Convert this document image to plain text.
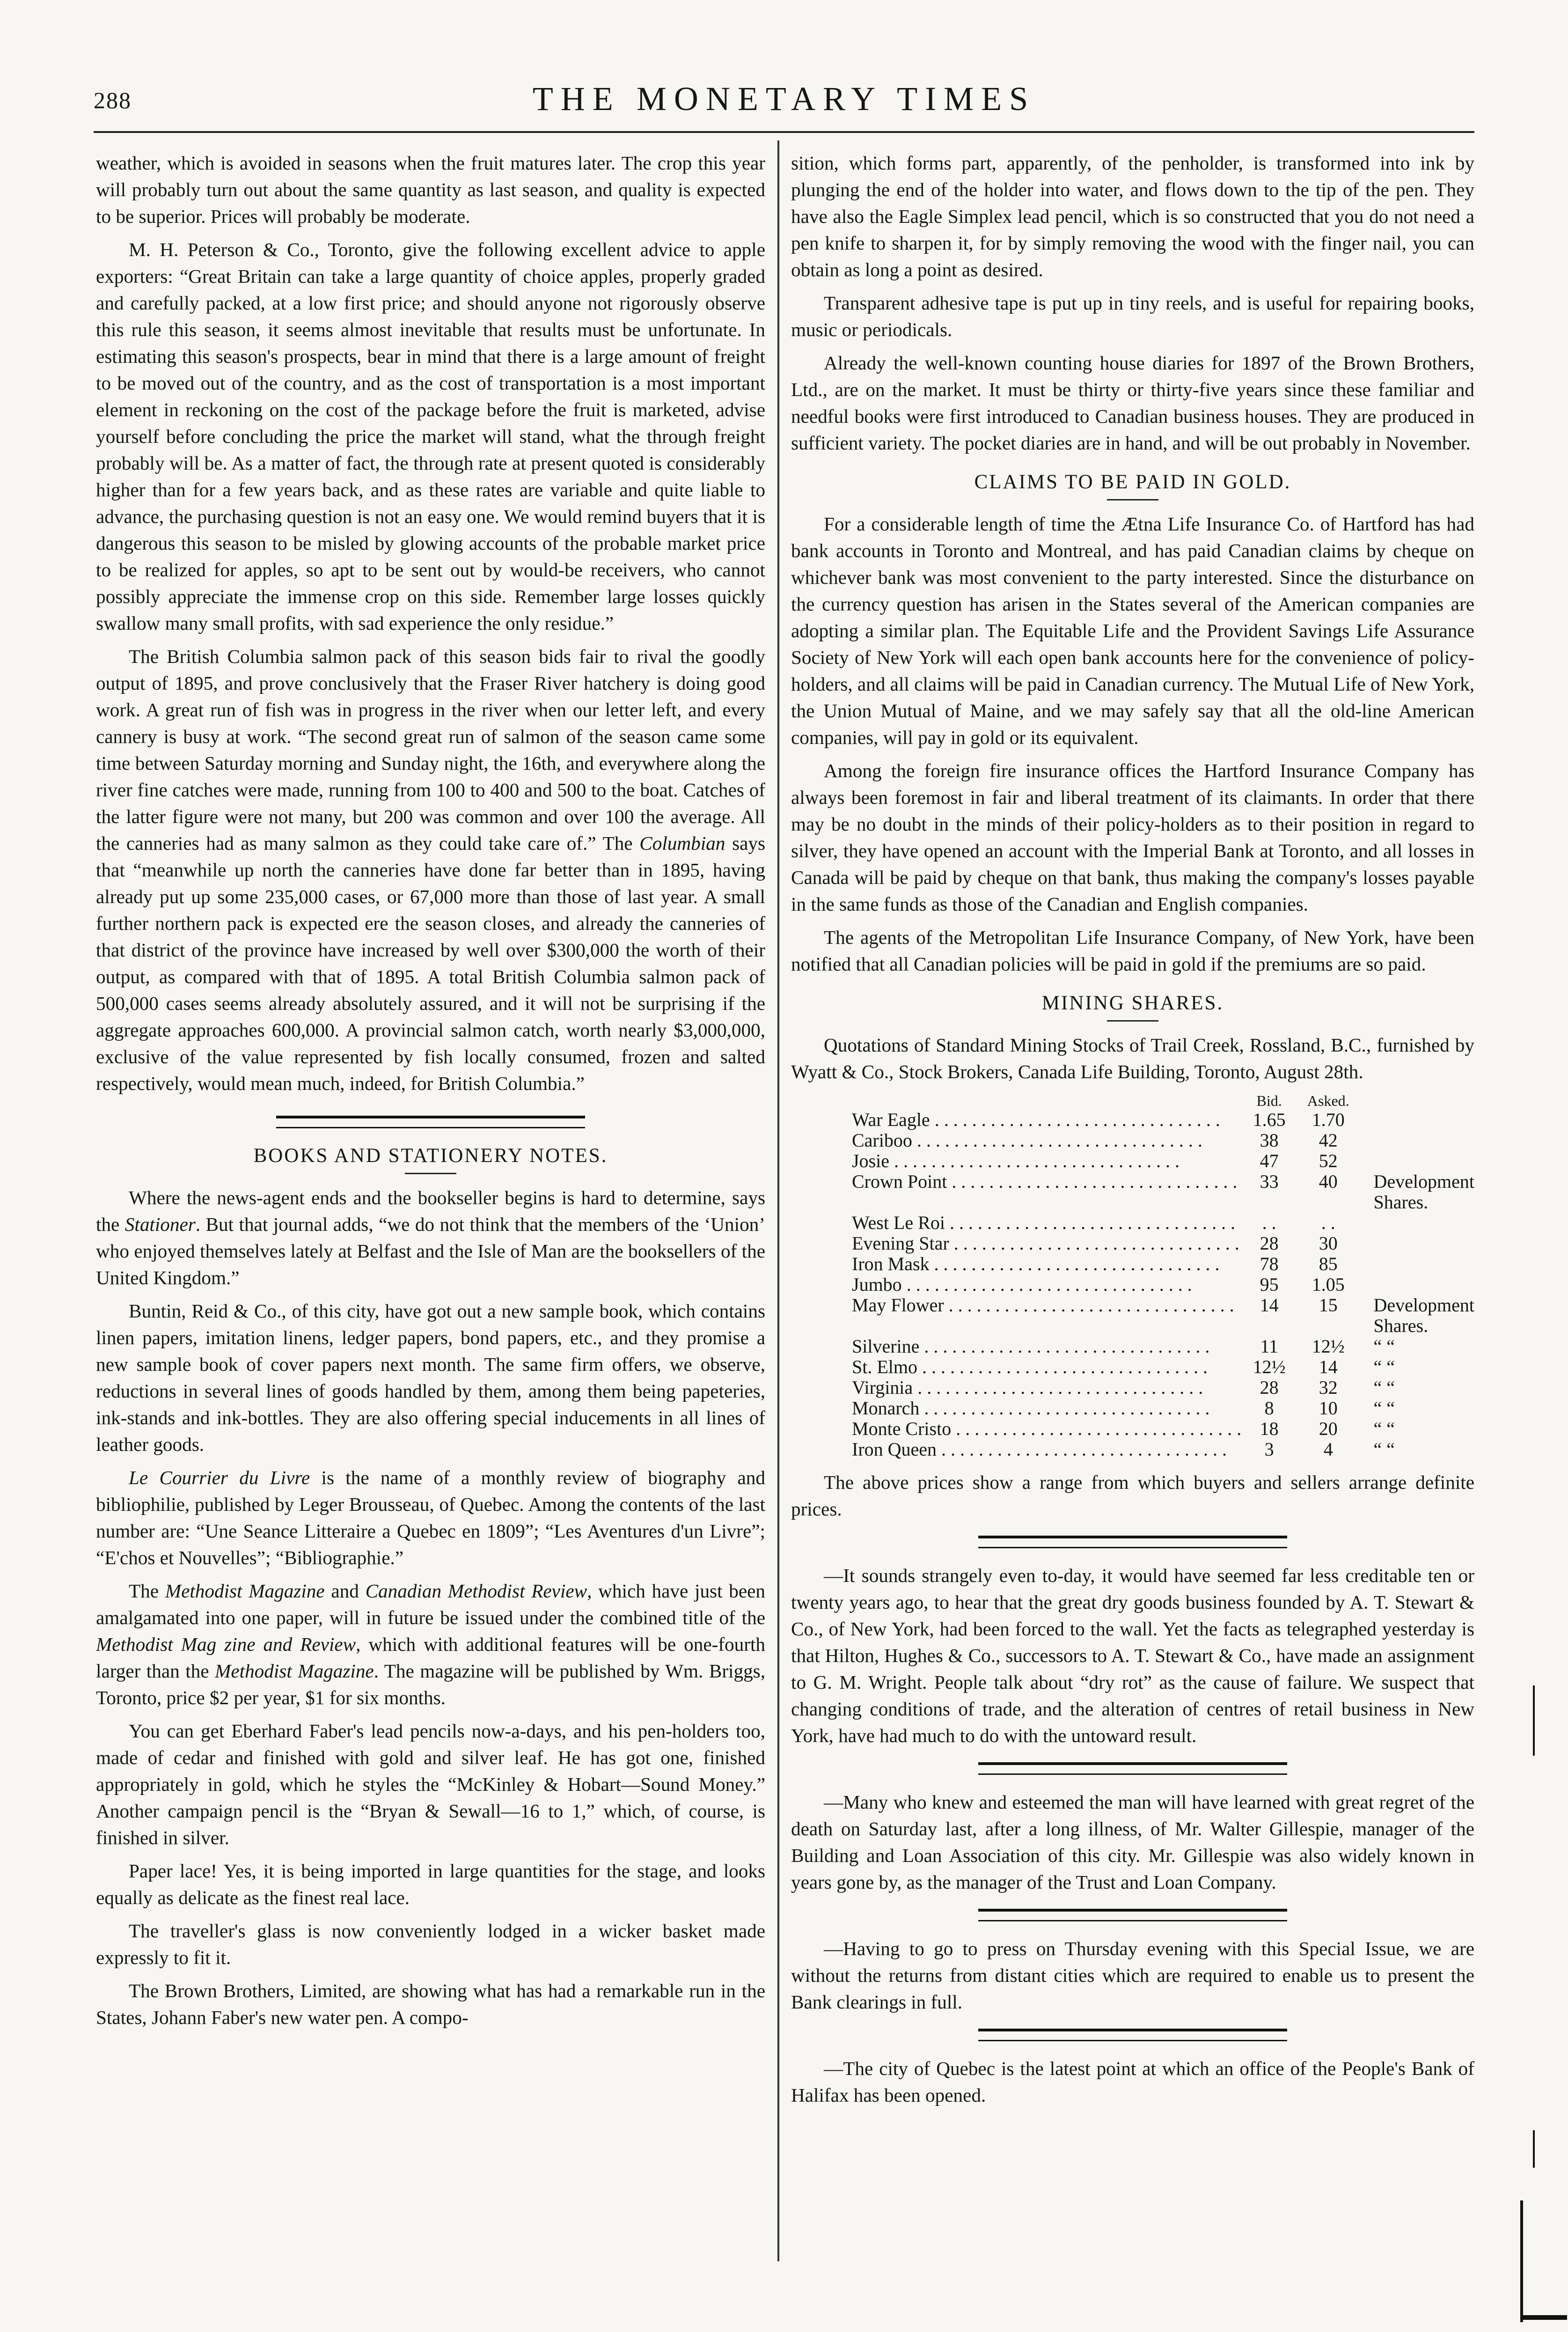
288	THE MONETARY TIMES

weather, which is avoided in seasons when the fruit matures later. The crop this year will probably turn out about the same quantity as last season, and quality is expected to be superior. Prices will probably be moderate.

M. H. Peterson & Co., Toronto, give the following excellent advice to apple exporters: “Great Britain can take a large quantity of choice apples, properly graded and carefully packed, at a low first price; and should anyone not rigorously observe this rule this season, it seems almost inevitable that results must be unfortunate. In estimating this season's prospects, bear in mind that there is a large amount of freight to be moved out of the country, and as the cost of transportation is a most important element in reckoning on the cost of the package before the fruit is marketed, advise yourself before concluding the price the market will stand, what the through freight probably will be. As a matter of fact, the through rate at present quoted is considerably higher than for a few years back, and as these rates are variable and quite liable to advance, the purchasing question is not an easy one. We would remind buyers that it is dangerous this season to be misled by glowing accounts of the probable market price to be realized for apples, so apt to be sent out by would-be receivers, who cannot possibly appreciate the immense crop on this side. Remember large losses quickly swallow many small profits, with sad experience the only residue.”

The British Columbia salmon pack of this season bids fair to rival the goodly output of 1895, and prove conclusively that the Fraser River hatchery is doing good work. A great run of fish was in progress in the river when our letter left, and every cannery is busy at work. “The second great run of salmon of the season came some time between Saturday morning and Sunday night, the 16th, and everywhere along the river fine catches were made, running from 100 to 400 and 500 to the boat. Catches of the latter figure were not many, but 200 was common and over 100 the average. All the canneries had as many salmon as they could take care of.” The Columbian says that “meanwhile up north the canneries have done far better than in 1895, having already put up some 235,000 cases, or 67,000 more than those of last year. A small further northern pack is expected ere the season closes, and already the canneries of that district of the province have increased by well over $300,000 the worth of their output, as compared with that of 1895. A total British Columbia salmon pack of 500,000 cases seems already absolutely assured, and it will not be surprising if the aggregate approaches 600,000. A provincial salmon catch, worth nearly $3,000,000, exclusive of the value represented by fish locally consumed, frozen and salted respectively, would mean much, indeed, for British Columbia.”

BOOKS AND STATIONERY NOTES.

Where the news-agent ends and the bookseller begins is hard to determine, says the Stationer. But that journal adds, “we do not think that the members of the ‘Union’ who enjoyed themselves lately at Belfast and the Isle of Man are the booksellers of the United Kingdom.”

Buntin, Reid & Co., of this city, have got out a new sample book, which contains linen papers, imitation linens, ledger papers, bond papers, etc., and they promise a new sample book of cover papers next month. The same firm offers, we observe, reductions in several lines of goods handled by them, among them being papeteries, ink-stands and ink-bottles. They are also offering special inducements in all lines of leather goods.

Le Courrier du Livre is the name of a monthly review of biography and bibliophilie, published by Leger Brousseau, of Quebec. Among the contents of the last number are: “Une Seance Litteraire a Quebec en 1809”; “Les Aventures d'un Livre”; “E'chos et Nouvelles”; “Bibliographie.”

The Methodist Magazine and Canadian Methodist Review, which have just been amalgamated into one paper, will in future be issued under the combined title of the Methodist Mag zine and Review, which with additional features will be one-fourth larger than the Methodist Magazine. The magazine will be published by Wm. Briggs, Toronto, price $2 per year, $1 for six months.

You can get Eberhard Faber's lead pencils now-a-days, and his pen-holders too, made of cedar and finished with gold and silver leaf. He has got one, finished appropriately in gold, which he styles the “McKinley & Hobart—Sound Money.” Another campaign pencil is the “Bryan & Sewall—16 to 1,” which, of course, is finished in silver.

Paper lace! Yes, it is being imported in large quantities for the stage, and looks equally as delicate as the finest real lace.

The traveller's glass is now conveniently lodged in a wicker basket made expressly to fit it.

The Brown Brothers, Limited, are showing what has had a remarkable run in the States, Johann Faber's new water pen. A compo-

sition, which forms part, apparently, of the penholder, is transformed into ink by plunging the end of the holder into water, and flows down to the tip of the pen. They have also the Eagle Simplex lead pencil, which is so constructed that you do not need a pen knife to sharpen it, for by simply removing the wood with the finger nail, you can obtain as long a point as desired.

Transparent adhesive tape is put up in tiny reels, and is useful for repairing books, music or periodicals.

Already the well-known counting house diaries for 1897 of the Brown Brothers, Ltd., are on the market. It must be thirty or thirty-five years since these familiar and needful books were first introduced to Canadian business houses. They are produced in sufficient variety. The pocket diaries are in hand, and will be out probably in November.

CLAIMS TO BE PAID IN GOLD.

For a considerable length of time the Ætna Life Insurance Co. of Hartford has had bank accounts in Toronto and Montreal, and has paid Canadian claims by cheque on whichever bank was most convenient to the party interested. Since the disturbance on the currency question has arisen in the States several of the American companies are adopting a similar plan. The Equitable Life and the Provident Savings Life Assurance Society of New York will each open bank accounts here for the convenience of policy-holders, and all claims will be paid in Canadian currency. The Mutual Life of New York, the Union Mutual of Maine, and we may safely say that all the old-line American companies, will pay in gold or its equivalent.

Among the foreign fire insurance offices the Hartford Insurance Company has always been foremost in fair and liberal treatment of its claimants. In order that there may be no doubt in the minds of their policy-holders as to their position in regard to silver, they have opened an account with the Imperial Bank at Toronto, and all losses in Canada will be paid by cheque on that bank, thus making the company's losses payable in the same funds as those of the Canadian and English companies.

The agents of the Metropolitan Life Insurance Company, of New York, have been notified that all Canadian policies will be paid in gold if the premiums are so paid.

MINING SHARES.

Quotations of Standard Mining Stocks of Trail Creek, Rossland, B.C., furnished by Wyatt & Co., Stock Brokers, Canada Life Building, Toronto, August 28th.

	Bid.	Asked.	

War Eagle . . .	1.65	1.70	

Cariboo . . .	38	42	

Josie . . .	47	52	

Crown Point . . .	33	40	Development Shares.

West Le Roi . . .	. .	. .	

Evening Star . . .	28	30	

Iron Mask . . .	78	85	

Jumbo . . .	95	1.05	

May Flower . . .	14	15	Development Shares.

Silverine . . .	11	12½	“ “

St. Elmo . . .	12½	14	“ “

Virginia . . .	28	32	“ “

Monarch . . .	8	10	“ “

Monte Cristo . . .	18	20	“ “

Iron Queen . . .	3	4	“ “

The above prices show a range from which buyers and sellers arrange definite prices.

—It sounds strangely even to-day, it would have seemed far less creditable ten or twenty years ago, to hear that the great dry goods business founded by A. T. Stewart & Co., of New York, had been forced to the wall. Yet the facts as telegraphed yesterday is that Hilton, Hughes & Co., successors to A. T. Stewart & Co., have made an assignment to G. M. Wright. People talk about “dry rot” as the cause of failure. We suspect that changing conditions of trade, and the alteration of centres of retail business in New York, have had much to do with the untoward result.

—Many who knew and esteemed the man will have learned with great regret of the death on Saturday last, after a long illness, of Mr. Walter Gillespie, manager of the Building and Loan Association of this city. Mr. Gillespie was also widely known in years gone by, as the manager of the Trust and Loan Company.

—Having to go to press on Thursday evening with this Special Issue, we are without the returns from distant cities which are required to enable us to present the Bank clearings in full.

—The city of Quebec is the latest point at which an office of the People's Bank of Halifax has been opened.
